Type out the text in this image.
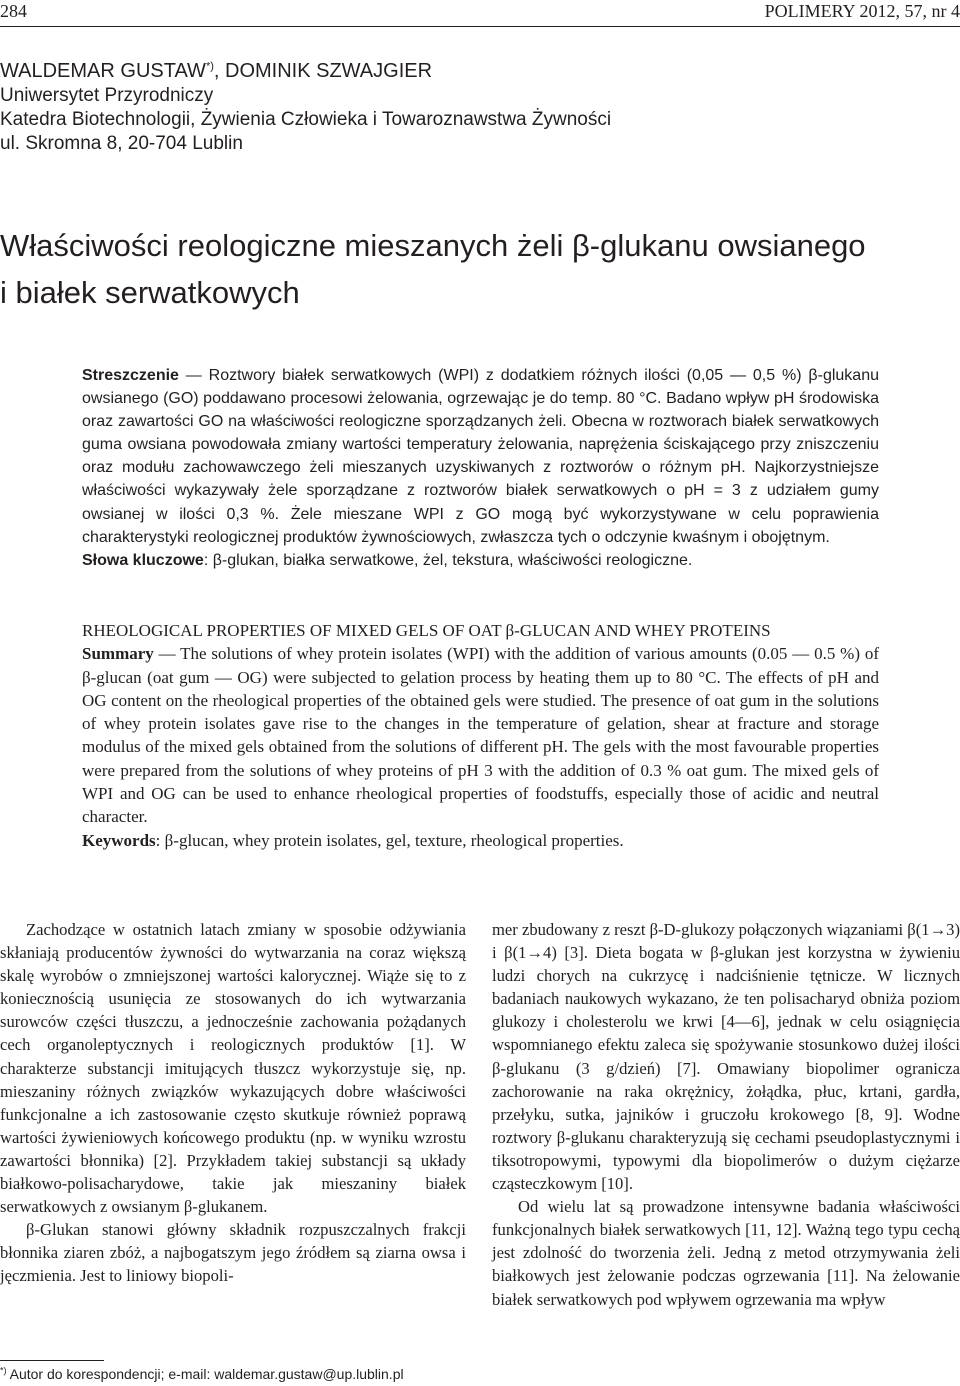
284	POLIMERY 2012, 57, nr 4
WALDEMAR GUSTAW*), DOMINIK SZWAJGIER
Uniwersytet Przyrodniczy
Katedra Biotechnologii, Żywienia Człowieka i Towaroznawstwa Żywności
ul. Skromna 8, 20-704 Lublin
Właściwości reologiczne mieszanych żeli β-glukanu owsianego
i białek serwatkowych
Streszczenie — Roztwory białek serwatkowych (WPI) z dodatkiem różnych ilości (0,05 — 0,5 %) β-glukanu owsianego (GO) poddawano procesowi żelowania, ogrzewając je do temp. 80 °C. Badano wpływ pH środowiska oraz zawartości GO na właściwości reologiczne sporządzanych żeli. Obecna w roztworach białek serwatkowych guma owsiana powodowała zmiany wartości temperatury żelowania, naprężenia ściskającego przy zniszczeniu oraz modułu zachowawczego żeli mieszanych uzyskiwanych z roztworów o różnym pH. Najkorzystniejsze właściwości wykazywały żele sporządzane z roztworów białek serwatkowych o pH = 3 z udziałem gumy owsianej w ilości 0,3 %. Żele mieszane WPI z GO mogą być wykorzystywane w celu poprawienia charakterystyki reologicznej produktów żywnościowych, zwłaszcza tych o odczynie kwaśnym i obojętnym.
Słowa kluczowe: β-glukan, białka serwatkowe, żel, tekstura, właściwości reologiczne.
RHEOLOGICAL PROPERTIES OF MIXED GELS OF OAT β-GLUCAN AND WHEY PROTEINS
Summary — The solutions of whey protein isolates (WPI) with the addition of various amounts (0.05 — 0.5 %) of β-glucan (oat gum — OG) were subjected to gelation process by heating them up to 80 °C. The effects of pH and OG content on the rheological properties of the obtained gels were studied. The presence of oat gum in the solutions of whey protein isolates gave rise to the changes in the temperature of gelation, shear at fracture and storage modulus of the mixed gels obtained from the solutions of different pH. The gels with the most favourable properties were prepared from the solutions of whey proteins of pH 3 with the addition of 0.3 % oat gum. The mixed gels of WPI and OG can be used to enhance rheological properties of foodstuffs, especially those of acidic and neutral character.
Keywords: β-glucan, whey protein isolates, gel, texture, rheological properties.

Zachodzące w ostatnich latach zmiany w sposobie odżywiania skłaniają producentów żywności do wytwarzania na coraz większą skalę wyrobów o zmniejszonej wartości kalorycznej. Wiąże się to z koniecznością usunięcia ze stosowanych do ich wytwarzania surowców części tłuszczu, a jednocześnie zachowania pożądanych cech organoleptycznych i reologicznych produktów [1]. W charakterze substancji imitujących tłuszcz wykorzystuje się, np. mieszaniny różnych związków wykazujących dobre właściwości funkcjonalne a ich zastosowanie często skutkuje również poprawą wartości żywieniowych końcowego produktu (np. w wyniku wzrostu zawartości błonnika) [2]. Przykładem takiej substancji są układy białkowo-polisacharydowe, takie jak mieszaniny białek serwatkowych z owsianym β-glukanem.

β-Glukan stanowi główny składnik rozpuszczalnych frakcji błonnika ziaren zbóż, a najbogatszym jego źródłem są ziarna owsa i jęczmienia. Jest to liniowy biopoli-

mer zbudowany z reszt β-D-glukozy połączonych wiązaniami β(1→3) i β(1→4) [3]. Dieta bogata w β-glukan jest korzystna w żywieniu ludzi chorych na cukrzycę i nadciśnienie tętnicze. W licznych badaniach naukowych wykazano, że ten polisacharyd obniża poziom glukozy i cholesterolu we krwi [4—6], jednak w celu osiągnięcia wspomnianego efektu zaleca się spożywanie stosunkowo dużej ilości β-glukanu (3 g/dzień) [7]. Omawiany biopolimer ogranicza zachorowanie na raka okrężnicy, żołądka, płuc, krtani, gardła, przełyku, sutka, jajników i gruczołu krokowego [8, 9]. Wodne roztwory β-glukanu charakteryzują się cechami pseudoplastycznymi i tiksotropowymi, typowymi dla biopolimerów o dużym ciężarze cząsteczkowym [10].

Od wielu lat są prowadzone intensywne badania właściwości funkcjonalnych białek serwatkowych [11, 12]. Ważną tego typu cechą jest zdolność do tworzenia żeli. Jedną z metod otrzymywania żeli białkowych jest żelowanie podczas ogrzewania [11]. Na żelowanie białek serwatkowych pod wpływem ogrzewania ma wpływ

*) Autor do korespondencji; e-mail: waldemar.gustaw@up.lublin.pl
